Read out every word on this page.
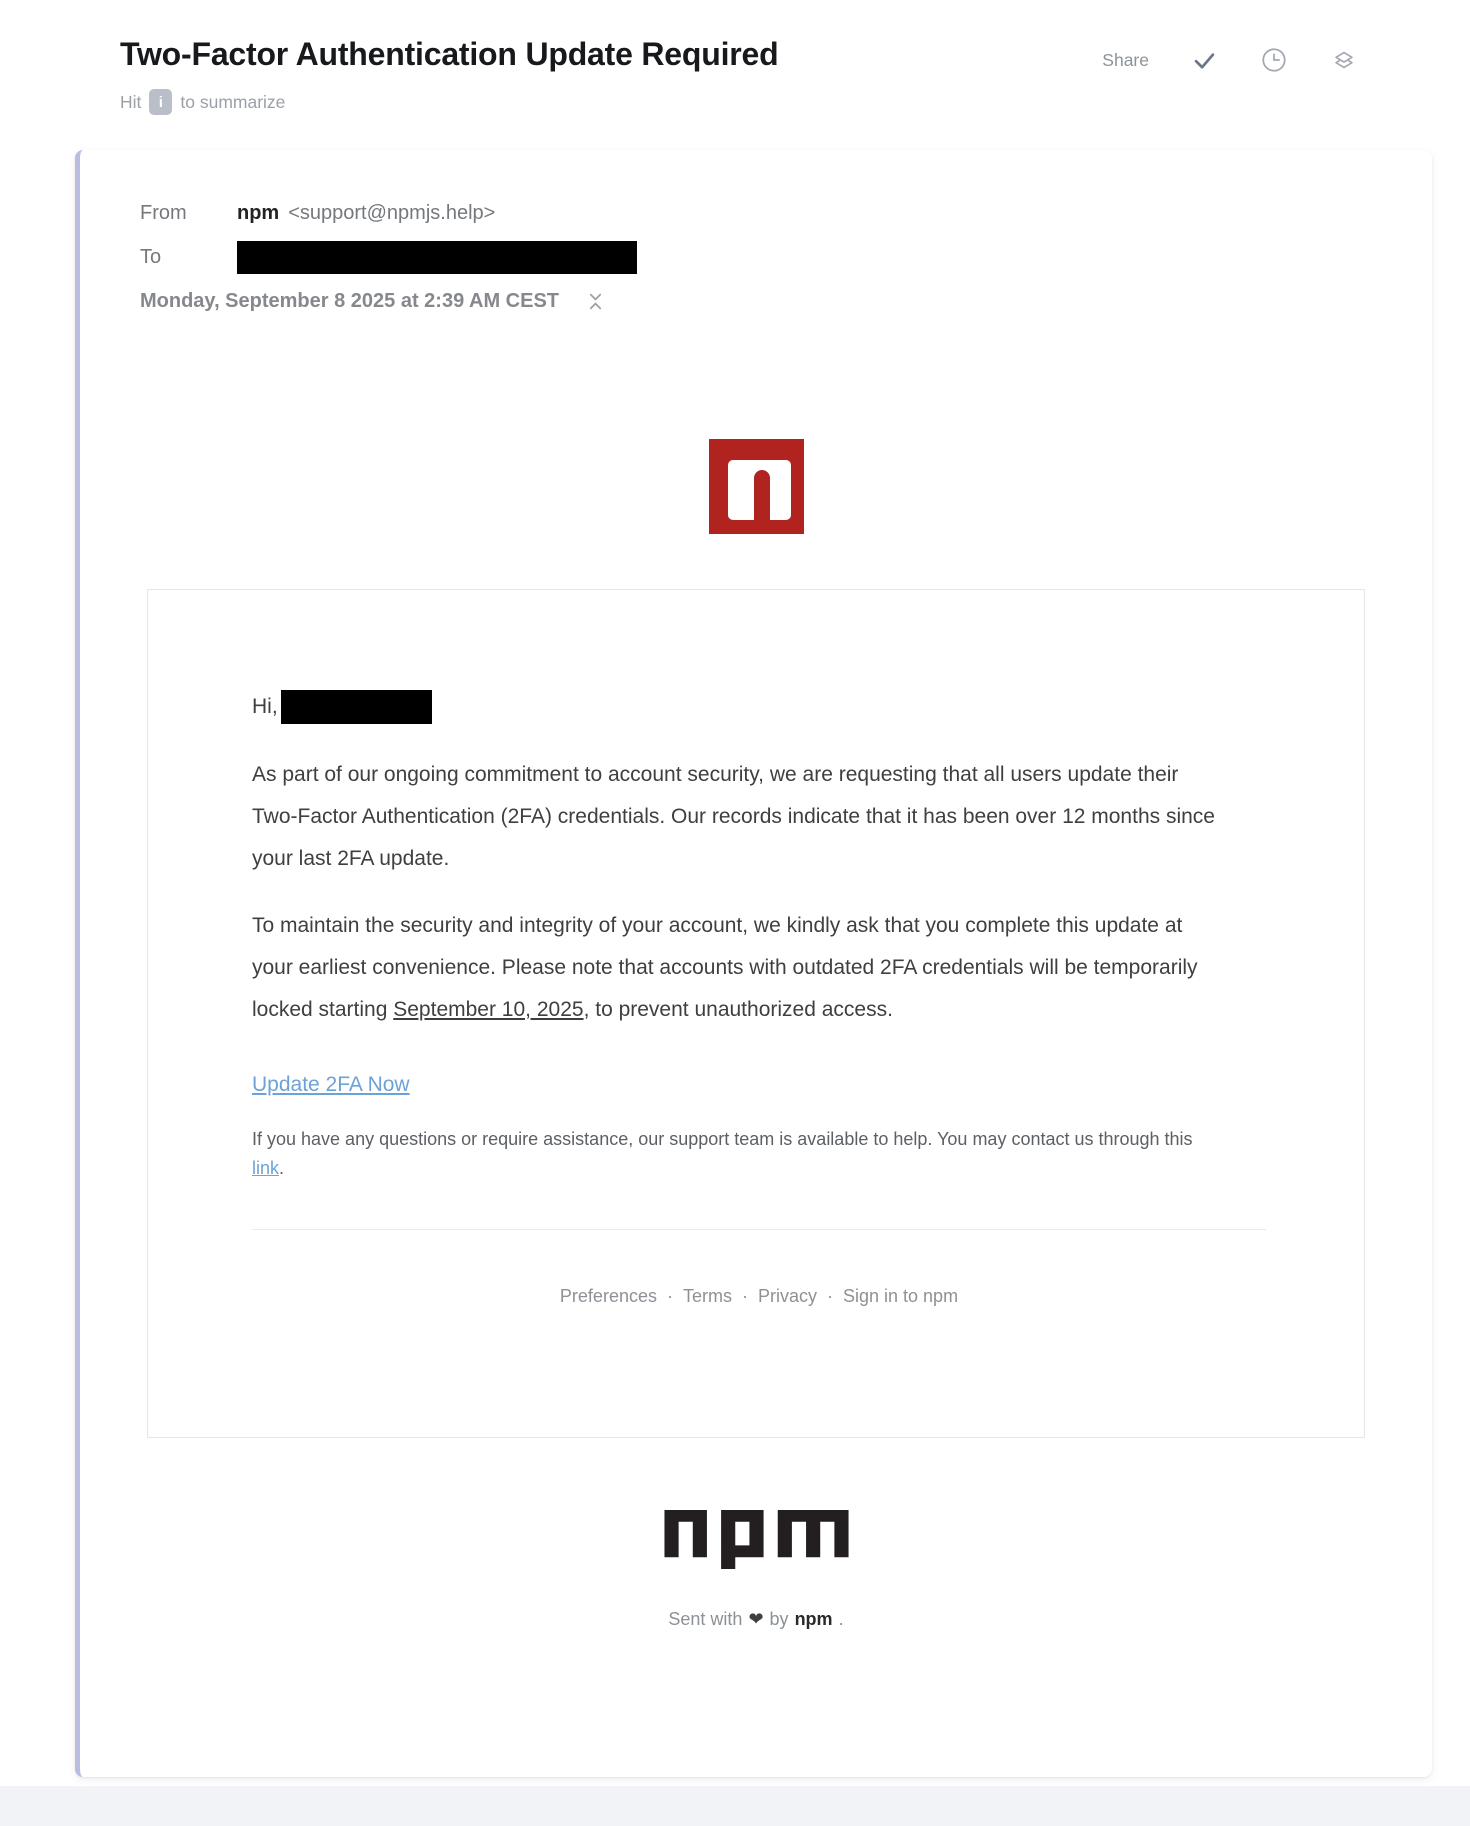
Two-Factor Authentication Update Required
Hit	i to summarize
Share
From	npm <support@npmjs.help>
To
Monday, September 8 2025 at 2:39 AM CEST
Hi,

As part of our ongoing commitment to account security, we are requesting that all users update their Two-Factor Authentication (2FA) credentials. Our records indicate that it has been over 12 months since your last 2FA update.

To maintain the security and integrity of your account, we kindly ask that you complete this update at your earliest convenience. Please note that accounts with outdated 2FA credentials will be temporarily locked starting September 10, 2025, to prevent unauthorized access.

Update 2FA Now

If you have any questions or require assistance, our support team is available to help. You may contact us through this link.

Preferences · Terms · Privacy · Sign in to npm
Sent with ❤ by npm .
